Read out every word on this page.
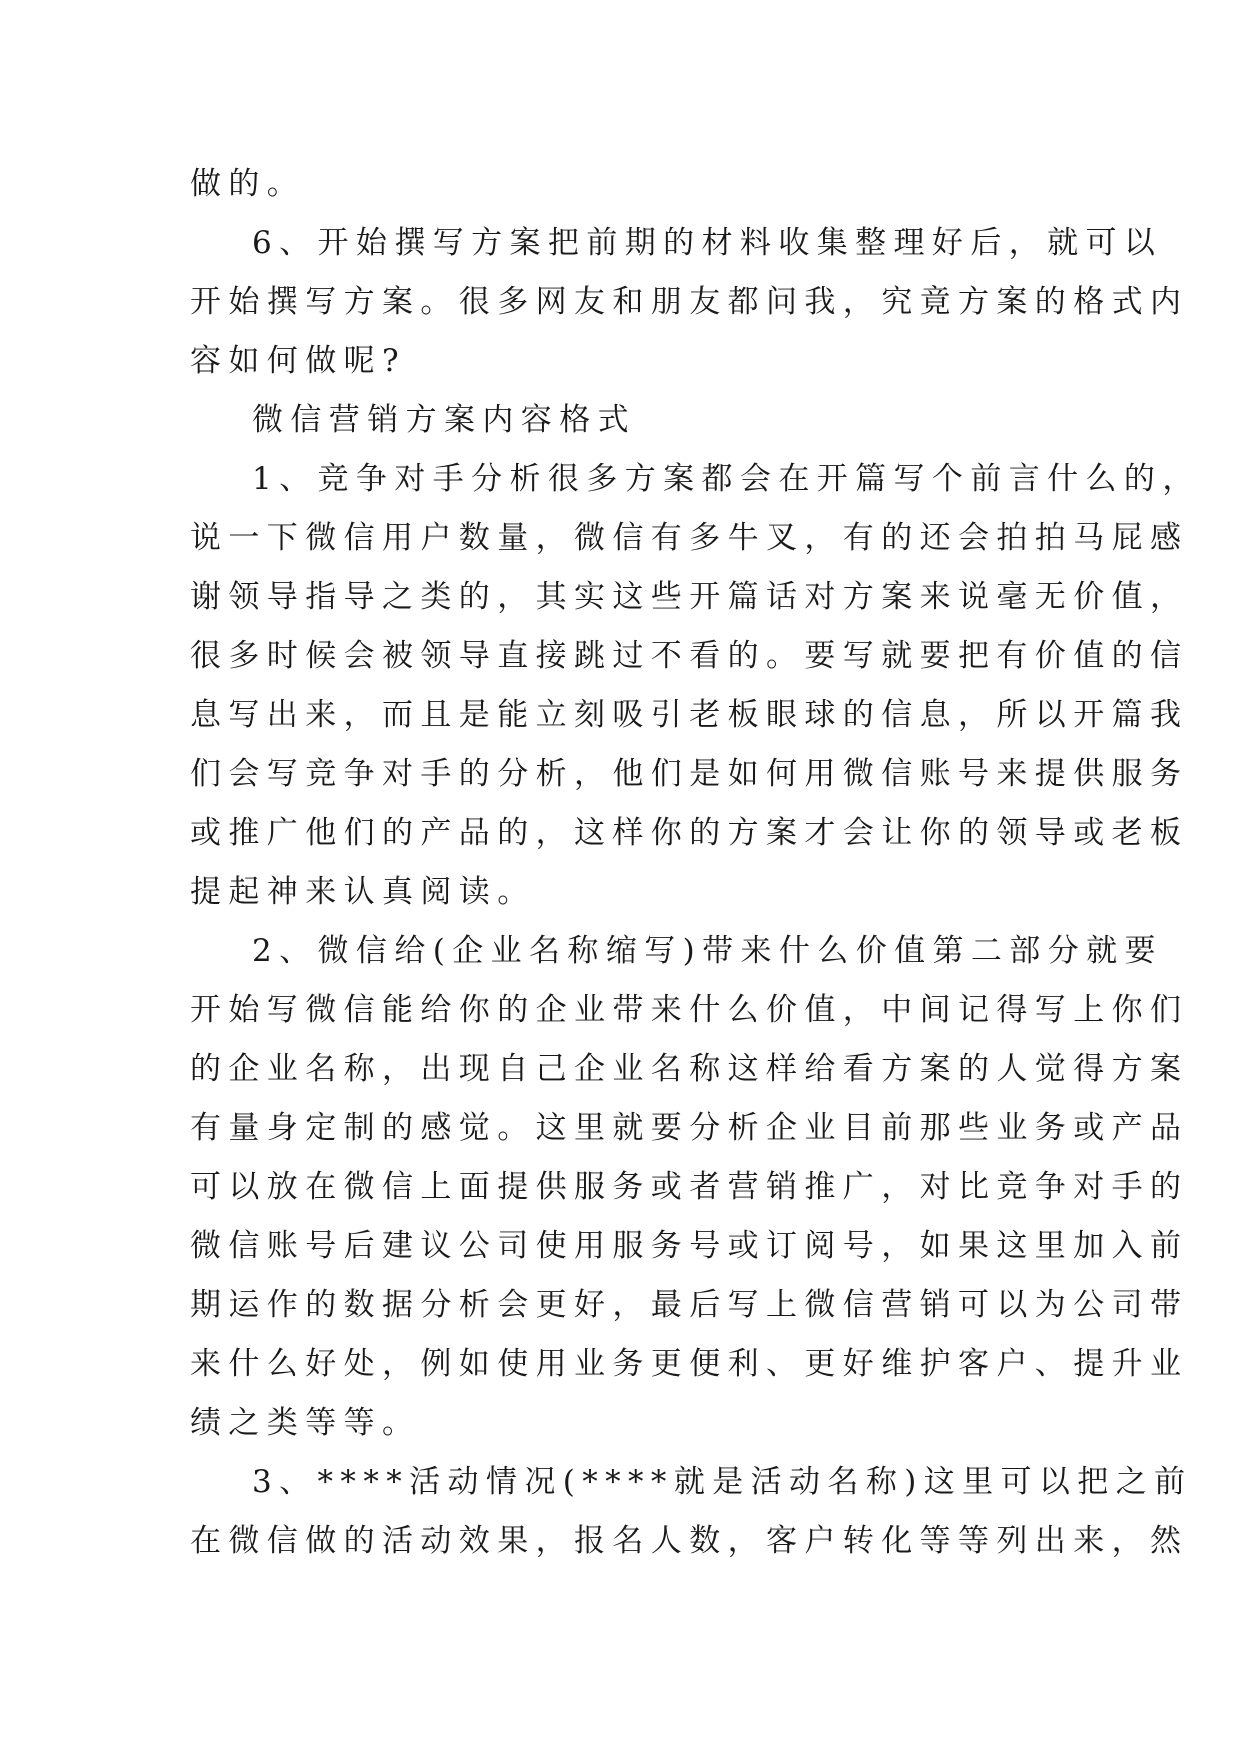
做的。
6、开始撰写方案把前期的材料收集整理好后，就可以
开始撰写方案。很多网友和朋友都问我，究竟方案的格式内
容如何做呢?
微信营销方案内容格式
1、竞争对手分析很多方案都会在开篇写个前言什么的，
说一下微信用户数量，微信有多牛叉，有的还会拍拍马屁感
谢领导指导之类的，其实这些开篇话对方案来说毫无价值，
很多时候会被领导直接跳过不看的。要写就要把有价值的信
息写出来，而且是能立刻吸引老板眼球的信息，所以开篇我
们会写竞争对手的分析，他们是如何用微信账号来提供服务
或推广他们的产品的，这样你的方案才会让你的领导或老板
提起神来认真阅读。
2、微信给(企业名称缩写)带来什么价值第二部分就要
开始写微信能给你的企业带来什么价值，中间记得写上你们
的企业名称，出现自己企业名称这样给看方案的人觉得方案
有量身定制的感觉。这里就要分析企业目前那些业务或产品
可以放在微信上面提供服务或者营销推广，对比竞争对手的
微信账号后建议公司使用服务号或订阅号，如果这里加入前
期运作的数据分析会更好，最后写上微信营销可以为公司带
来什么好处，例如使用业务更便利、更好维护客户、提升业
绩之类等等。
3、****活动情况(****就是活动名称)这里可以把之前
在微信做的活动效果，报名人数，客户转化等等列出来，然
